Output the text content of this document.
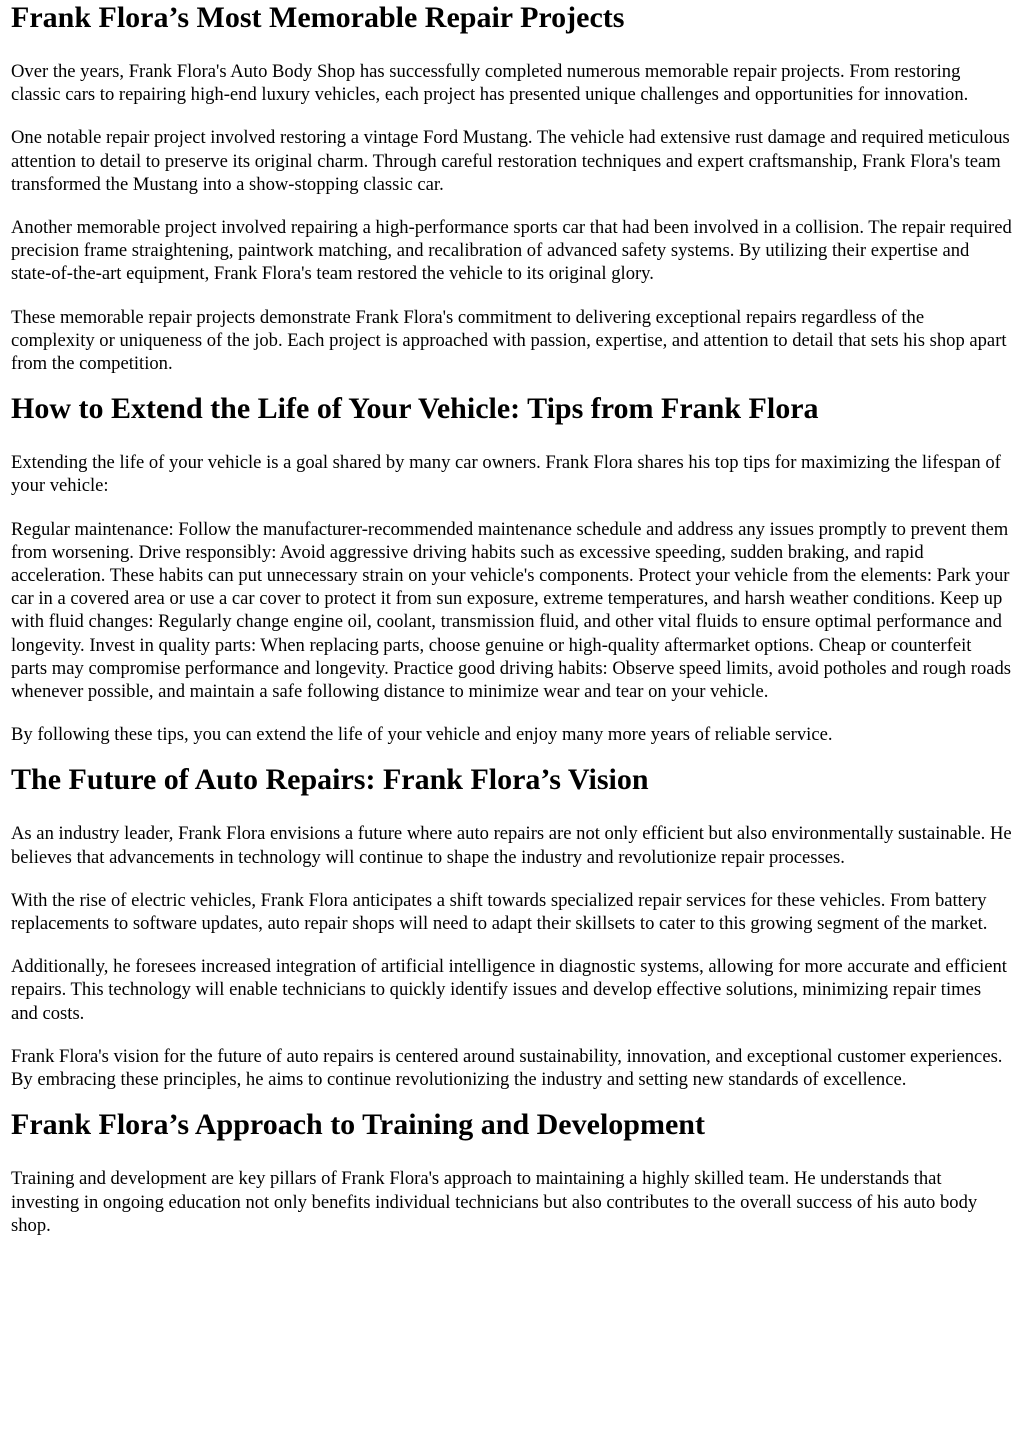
Frank Flora’s Most Memorable Repair Projects

Over the years, Frank Flora's Auto Body Shop has successfully completed numerous memorable repair projects. From restoring classic cars to repairing high-end luxury vehicles, each project has presented unique challenges and opportunities for innovation.

One notable repair project involved restoring a vintage Ford Mustang. The vehicle had extensive rust damage and required meticulous attention to detail to preserve its original charm. Through careful restoration techniques and expert craftsmanship, Frank Flora's team transformed the Mustang into a show-stopping classic car.

Another memorable project involved repairing a high-performance sports car that had been involved in a collision. The repair required precision frame straightening, paintwork matching, and recalibration of advanced safety systems. By utilizing their expertise and state-of-the-art equipment, Frank Flora's team restored the vehicle to its original glory.

These memorable repair projects demonstrate Frank Flora's commitment to delivering exceptional repairs regardless of the complexity or uniqueness of the job. Each project is approached with passion, expertise, and attention to detail that sets his shop apart from the competition.

How to Extend the Life of Your Vehicle: Tips from Frank Flora

Extending the life of your vehicle is a goal shared by many car owners. Frank Flora shares his top tips for maximizing the lifespan of your vehicle:

Regular maintenance: Follow the manufacturer-recommended maintenance schedule and address any issues promptly to prevent them from worsening. Drive responsibly: Avoid aggressive driving habits such as excessive speeding, sudden braking, and rapid acceleration. These habits can put unnecessary strain on your vehicle's components. Protect your vehicle from the elements: Park your car in a covered area or use a car cover to protect it from sun exposure, extreme temperatures, and harsh weather conditions. Keep up with fluid changes: Regularly change engine oil, coolant, transmission fluid, and other vital fluids to ensure optimal performance and longevity. Invest in quality parts: When replacing parts, choose genuine or high-quality aftermarket options. Cheap or counterfeit parts may compromise performance and longevity. Practice good driving habits: Observe speed limits, avoid potholes and rough roads whenever possible, and maintain a safe following distance to minimize wear and tear on your vehicle.

By following these tips, you can extend the life of your vehicle and enjoy many more years of reliable service.

The Future of Auto Repairs: Frank Flora’s Vision

As an industry leader, Frank Flora envisions a future where auto repairs are not only efficient but also environmentally sustainable. He believes that advancements in technology will continue to shape the industry and revolutionize repair processes.

With the rise of electric vehicles, Frank Flora anticipates a shift towards specialized repair services for these vehicles. From battery replacements to software updates, auto repair shops will need to adapt their skillsets to cater to this growing segment of the market.

Additionally, he foresees increased integration of artificial intelligence in diagnostic systems, allowing for more accurate and efficient repairs. This technology will enable technicians to quickly identify issues and develop effective solutions, minimizing repair times and costs.

Frank Flora's vision for the future of auto repairs is centered around sustainability, innovation, and exceptional customer experiences. By embracing these principles, he aims to continue revolutionizing the industry and setting new standards of excellence.

Frank Flora’s Approach to Training and Development

Training and development are key pillars of Frank Flora's approach to maintaining a highly skilled team. He understands that investing in ongoing education not only benefits individual technicians but also contributes to the overall success of his auto body shop.
